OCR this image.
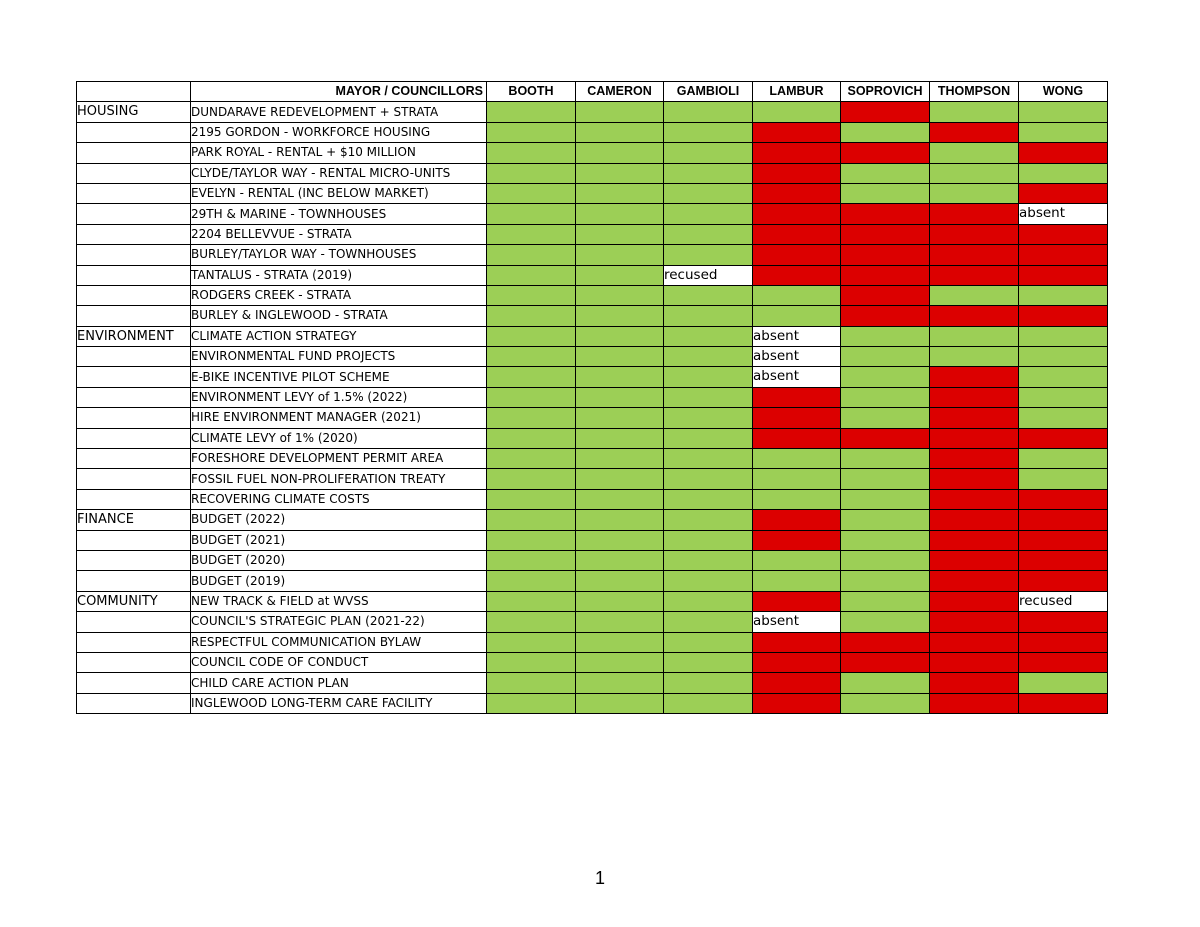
	MAYOR / COUNCILLORS	BOOTH	CAMERON	GAMBIOLI	LAMBUR	SOPROVICH	THOMPSON	WONG
HOUSING	DUNDARAVE REDEVELOPMENT + STRATA							
	2195 GORDON - WORKFORCE HOUSING							
	PARK ROYAL - RENTAL + $10 MILLION							
	CLYDE/TAYLOR WAY - RENTAL MICRO-UNITS							
	EVELYN - RENTAL (INC BELOW MARKET)							
	29TH & MARINE - TOWNHOUSES							absent
	2204 BELLEVVUE - STRATA							
	BURLEY/TAYLOR WAY - TOWNHOUSES							
	TANTALUS - STRATA (2019)			recused				
	RODGERS CREEK - STRATA							
	BURLEY & INGLEWOOD - STRATA							
ENVIRONMENT	CLIMATE ACTION STRATEGY				absent			
	ENVIRONMENTAL FUND PROJECTS				absent			
	E-BIKE INCENTIVE PILOT SCHEME				absent			
	ENVIRONMENT LEVY of 1.5% (2022)							
	HIRE ENVIRONMENT MANAGER (2021)							
	CLIMATE LEVY of 1% (2020)							
	FORESHORE DEVELOPMENT PERMIT AREA							
	FOSSIL FUEL NON-PROLIFERATION TREATY							
	RECOVERING CLIMATE COSTS							
FINANCE	BUDGET (2022)							
	BUDGET (2021)							
	BUDGET (2020)							
	BUDGET (2019)							
COMMUNITY	NEW TRACK & FIELD at WVSS							recused
	COUNCIL'S STRATEGIC PLAN (2021-22)				absent			
	RESPECTFUL COMMUNICATION BYLAW							
	COUNCIL CODE OF CONDUCT							
	CHILD CARE ACTION PLAN							
	INGLEWOOD LONG-TERM CARE FACILITY							
1
